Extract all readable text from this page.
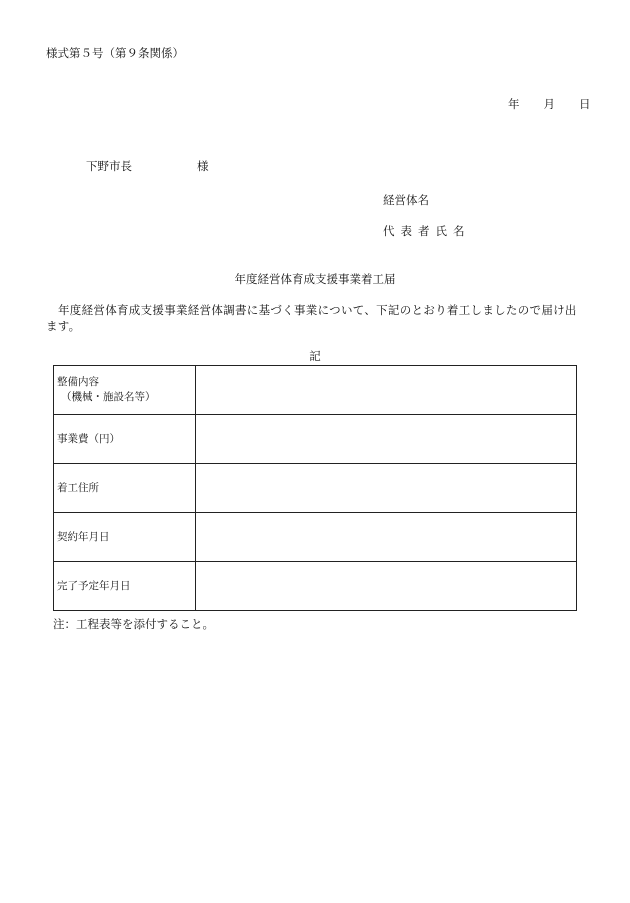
様式第５号（第９条関係）
年 月 日
下野市長	様
経営体名
代表者氏名
年度経営体育成支援事業着工届
年度経営体育成支援事業経営体調書に基づく事業について、下記のとおり着工しましたので届け出ます。
記
整備内容
（機械・施設名等）	

事業費（円）	
着工住所	
契約年月日	
完了予定年月日	
注：工程表等を添付すること。
